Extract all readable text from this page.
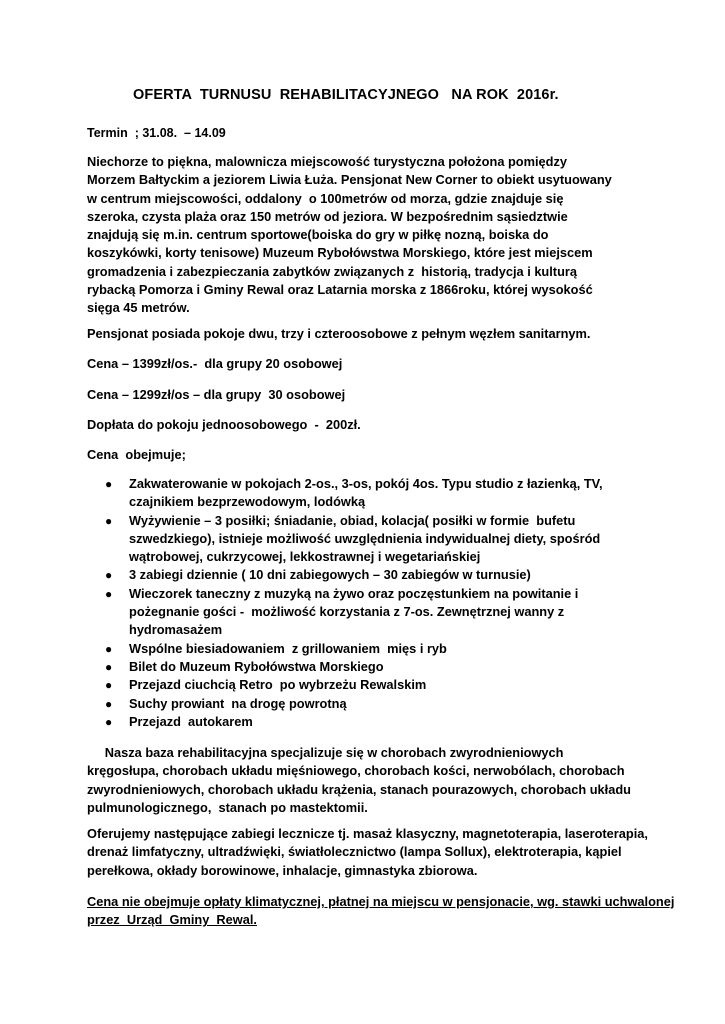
OFERTA  TURNUSU  REHABILITACYJNEGO   NA ROK  2016r.
Termin  ; 31.08.  – 14.09
Niechorze to piękna, malownicza miejscowość turystyczna położona pomiędzy
Morzem Bałtyckim a jeziorem Liwia Łuża. Pensjonat New Corner to obiekt usytuowany
w centrum miejscowości, oddalony  o 100metrów od morza, gdzie znajduje się
szeroka, czysta plaża oraz 150 metrów od jeziora. W bezpośrednim sąsiedztwie
znajdują się m.in. centrum sportowe(boiska do gry w piłkę nozną, boiska do
koszykówki, korty tenisowe) Muzeum Rybołówstwa Morskiego, które jest miejscem
gromadzenia i zabezpieczania zabytków związanych z  historią, tradycja i kulturą
rybacką Pomorza i Gminy Rewal oraz Latarnia morska z 1866roku, której wysokość
sięga 45 metrów.
Pensjonat posiada pokoje dwu, trzy i czteroosobowe z pełnym węzłem sanitarnym.
Cena – 1399zł/os.-  dla grupy 20 osobowej
Cena – 1299zł/os – dla grupy  30 osobowej
Dopłata do pokoju jednoosobowego  -  200zł.
Cena  obejmuje;
● Zakwaterowanie w pokojach 2-os., 3-os, pokój 4os. Typu studio z łazienką, TV,
czajnikiem bezprzewodowym, lodówką
● Wyżywienie – 3 posiłki; śniadanie, obiad, kolacja( posiłki w formie  bufetu
szwedzkiego), istnieje możliwość uwzględnienia indywidualnej diety, spośród
wątrobowej, cukrzycowej, lekkostrawnej i wegetariańskiej
● 3 zabiegi dziennie ( 10 dni zabiegowych – 30 zabiegów w turnusie)
● Wieczorek taneczny z muzyką na żywo oraz poczęstunkiem na powitanie i
pożegnanie gości -  możliwość korzystania z 7-os. Zewnętrznej wanny z
hydromasażem
● Wspólne biesiadowaniem  z grillowaniem  mięs i ryb
● Bilet do Muzeum Rybołówstwa Morskiego
● Przejazd ciuchcią Retro  po wybrzeżu Rewalskim
● Suchy prowiant  na drogę powrotną
● Przejazd  autokarem
Nasza baza rehabilitacyjna specjalizuje się w chorobach zwyrodnieniowych
kręgosłupa, chorobach układu mięśniowego, chorobach kości, nerwobólach, chorobach
zwyrodnieniowych, chorobach układu krążenia, stanach pourazowych, chorobach układu
pulmunologicznego,  stanach po mastektomii.
Oferujemy następujące zabiegi lecznicze tj. masaż klasyczny, magnetoterapia, laseroterapia,
drenaż limfatyczny, ultradźwięki, światłolecznictwo (lampa Sollux), elektroterapia, kąpiel
perełkowa, okłady borowinowe, inhalacje, gimnastyka zbiorowa.
Cena nie obejmuje opłaty klimatycznej, płatnej na miejscu w pensjonacie, wg. stawki uchwalonej
przez  Urząd  Gminy  Rewal.
